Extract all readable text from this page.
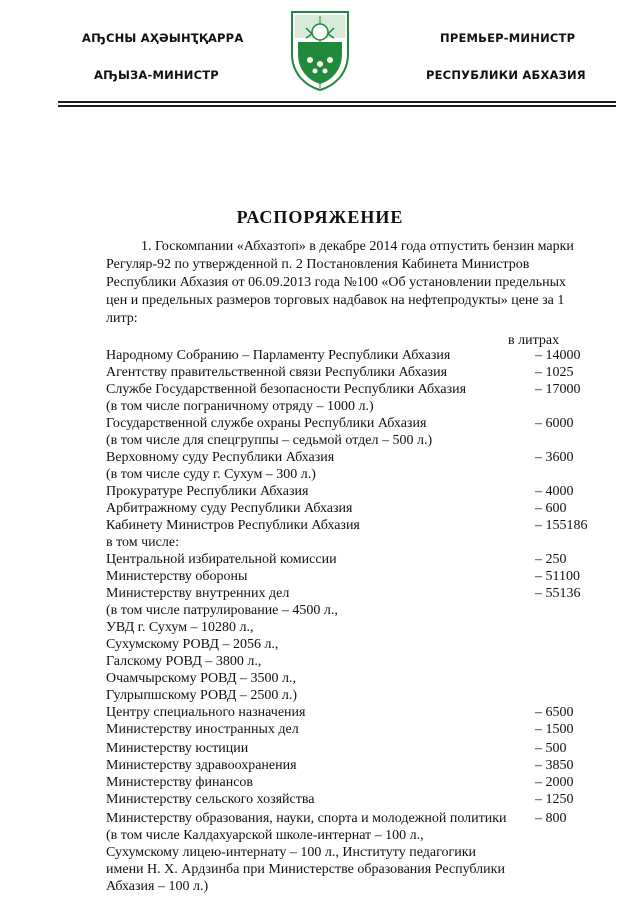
АҦСНЫ АҲӘЫНҬҚАРРА
АҦЫЗА-МИНИСТР
ПРЕМЬЕР-МИНИСТР
РЕСПУБЛИКИ АБХАЗИЯ
РАСПОРЯЖЕНИЕ
1. Госкомпании «Абхазтоп» в декабре 2014 года отпустить бензин марки
Регуляр-92 по утвержденной п. 2 Постановления Кабинета Министров
Республики Абхазия от 06.09.2013 года №100 «Об установлении предельных
цен и предельных размеров торговых надбавок на нефтепродукты» цене за 1
литр:
в литрах
Народному Собранию – Парламенту Республики Абхазия	– 14000
Агентству правительственной связи Республики Абхазия	– 1025
Службе Государственной безопасности Республики Абхазия	– 17000
(в том числе пограничному отряду – 1000 л.)
Государственной службе охраны Республики Абхазия	– 6000
(в том числе для спецгруппы – седьмой отдел – 500 л.)
Верховному суду Республики Абхазия	– 3600
(в том числе суду г. Сухум – 300 л.)
Прокуратуре Республики Абхазия	– 4000
Арбитражному суду Республики Абхазия	– 600
Кабинету Министров Республики Абхазия	– 155186
в том числе:
Центральной избирательной комиссии	– 250
Министерству обороны	– 51100
Министерству внутренних дел	– 55136
(в том числе патрулирование – 4500 л.,
УВД г. Сухум – 10280 л.,
Сухумскому РОВД – 2056 л.,
Галскому РОВД – 3800 л.,
Очамчырскому РОВД – 3500 л.,
Гулрыпшскому РОВД – 2500 л.)
Центру специального назначения	– 6500
Министерству иностранных дел	– 1500
Министерству юстиции	– 500
Министерству здравоохранения	– 3850
Министерству финансов	– 2000
Министерству сельского хозяйства	– 1250
Министерству образования, науки, спорта и молодежной политики – 800
(в том числе Калдахуарской школе-интернат – 100 л.,
Сухумскому лицею-интернату – 100 л., Институту педагогики
имени Н. Х. Ардзинба при Министерстве образования Республики
Абхазия – 100 л.)
